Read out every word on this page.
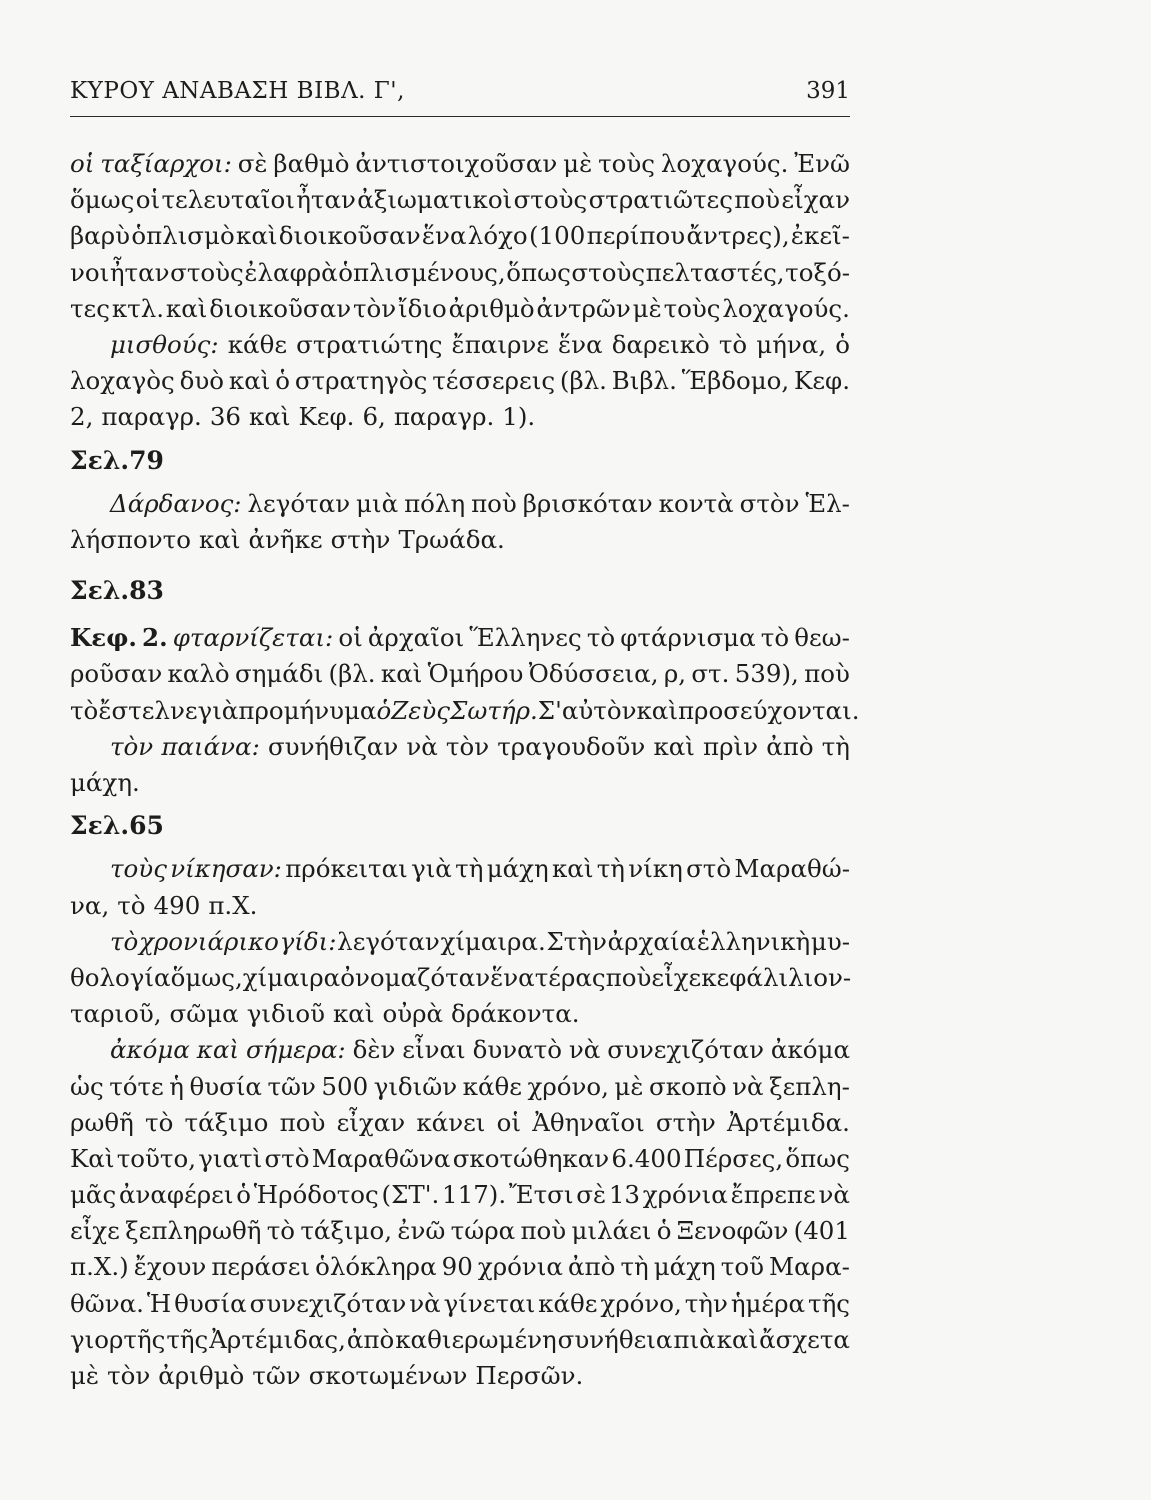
ΚΥΡΟΥ ΑΝΑΒΑΣΗ ΒΙΒΛ. Γ',	391
οἱ ταξίαρχοι: σὲ βαθμὸ ἀντιστοιχοῦσαν μὲ τοὺς λοχαγούς. Ἐνῶ
ὅμως οἱ τελευταῖοι ἦταν ἀξιωματικοὶ στοὺς στρατιῶτες ποὺ εἶχαν
βαρὺ ὁπλισμὸ καὶ διοικοῦσαν ἕνα λόχο (100 περίπου ἄντρες), ἐκεῖ-
νοι ἦταν στοὺς ἐλαφρὰ ὁπλισμένους, ὅπως στοὺς πελταστές, τοξό-
τες κτλ. καὶ διοικοῦσαν τὸν ἴδιο ἀριθμὸ ἀντρῶν μὲ τοὺς λοχαγούς.
μισθούς: κάθε στρατιώτης ἔπαιρνε ἕνα δαρεικὸ τὸ μήνα, ὁ
λοχαγὸς δυὸ καὶ ὁ στρατηγὸς τέσσερεις (βλ. Βιβλ. Ἕβδομο, Κεφ.
2, παραγρ. 36 καὶ Κεφ. 6, παραγρ. 1).
Σελ. 79
Δάρδανος: λεγόταν μιὰ πόλη ποὺ βρισκόταν κοντὰ στὸν Ἑλ-
λήσποντο καὶ ἀνῆκε στὴν Τρωάδα.
Σελ. 83
Κεφ. 2. φταρνίζεται: οἱ ἀρχαῖοι Ἕλληνες τὸ φτάρνισμα τὸ θεω-
ροῦσαν καλὸ σημάδι (βλ. καὶ Ὁμήρου Ὀδύσσεια, ρ, στ. 539), ποὺ
τὸ ἔστελνε γιὰ προμήνυμα ὁ Ζεὺς Σωτήρ. Σ' αὐτὸν καὶ προσεύχονται.
τὸν παιάνα: συνήθιζαν νὰ τὸν τραγουδοῦν καὶ πρὶν ἀπὸ τὴ
μάχη.
Σελ. 65
τοὺς νίκησαν: πρόκειται γιὰ τὴ μάχη καὶ τὴ νίκη στὸ Μαραθώ-
να, τὸ 490 π.Χ.
τὸ χρονιάρικο γίδι: λεγόταν χίμαιρα. Στὴν ἀρχαία ἑλληνικὴ μυ-
θολογία ὅμως, χίμαιρα ὀνομαζόταν ἕνα τέρας ποὺ εἶχε κεφάλι λιον-
ταριοῦ, σῶμα γιδιοῦ καὶ οὐρὰ δράκοντα.
ἀκόμα καὶ σήμερα: δὲν εἶναι δυνατὸ νὰ συνεχιζόταν ἀκόμα
ὡς τότε ἡ θυσία τῶν 500 γιδιῶν κάθε χρόνο, μὲ σκοπὸ νὰ ξεπλη-
ρωθῆ τὸ τάξιμο ποὺ εἶχαν κάνει οἱ Ἀθηναῖοι στὴν Ἀρτέμιδα.
Καὶ τοῦτο, γιατὶ στὸ Μαραθῶνα σκοτώθηκαν 6.400 Πέρσες, ὅπως
μᾶς ἀναφέρει ὁ Ἡρόδοτος (ΣΤ'. 117). Ἔτσι σὲ 13 χρόνια ἔπρεπε νὰ
εἶχε ξεπληρωθῆ τὸ τάξιμο, ἐνῶ τώρα ποὺ μιλάει ὁ Ξενοφῶν (401
π.Χ.) ἔχουν περάσει ὁλόκληρα 90 χρόνια ἀπὸ τὴ μάχη τοῦ Μαρα-
θῶνα. Ἡ θυσία συνεχιζόταν νὰ γίνεται κάθε χρόνο, τὴν ἡμέρα τῆς
γιορτῆς τῆς Ἀρτέμιδας, ἀπὸ καθιερωμένη συνήθεια πιὰ καὶ ἄσχετα
μὲ τὸν ἀριθμὸ τῶν σκοτωμένων Περσῶν.
